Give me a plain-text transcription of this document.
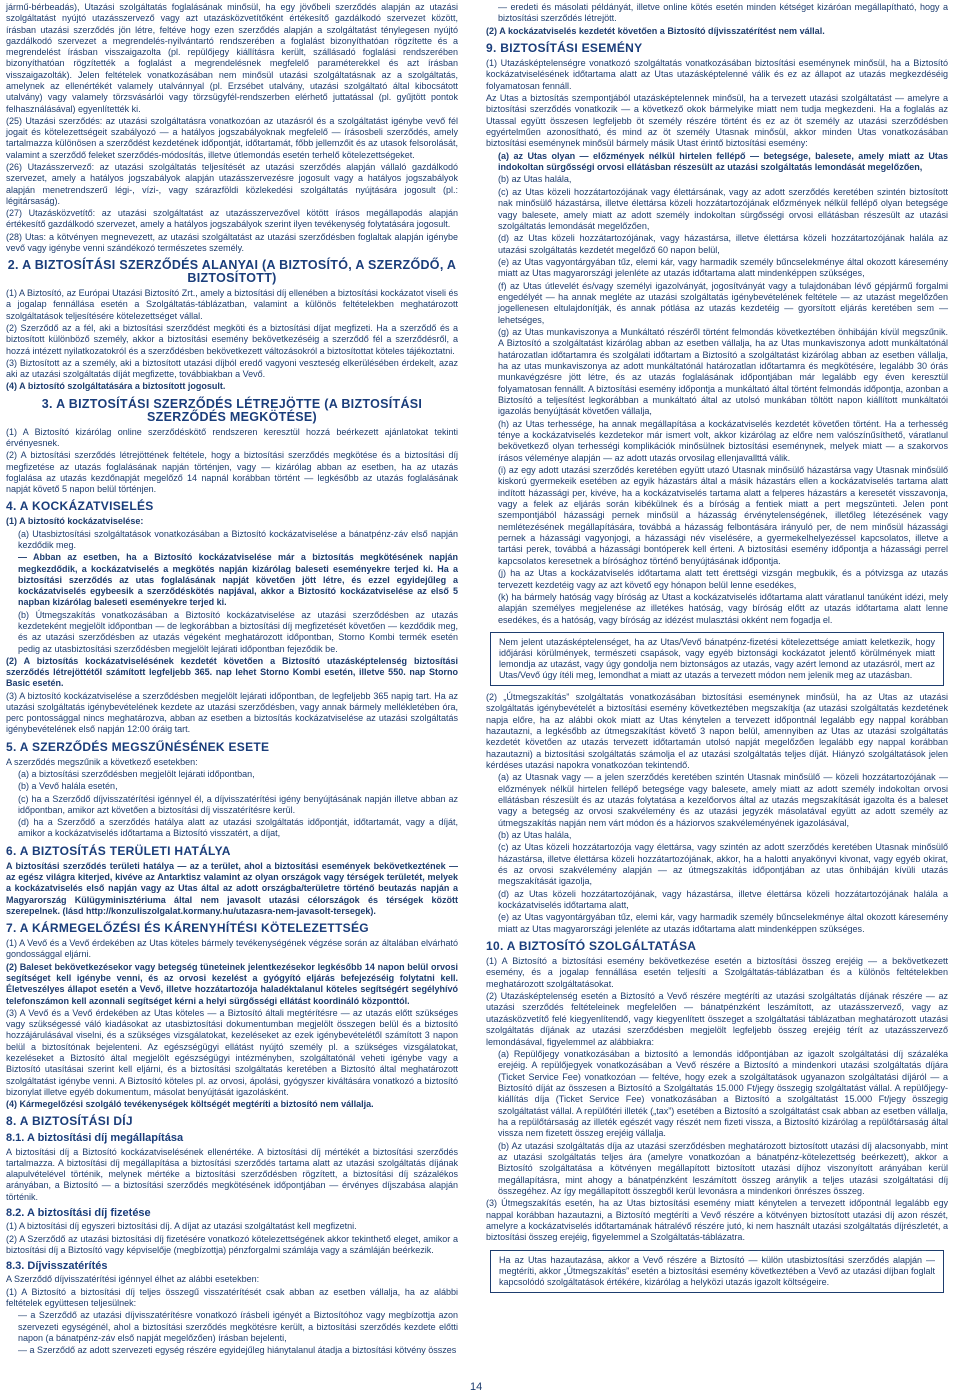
jármű-bérbeadás), Utazási szolgáltatás foglalásának minősül, ha egy jövőbeli szerződés alapján az utazási szolgáltatást nyújtó utazásszervező vagy azt utazásközvetítőként értékesítő gazdálkodó szervezet között, írásban utazási szerződés jön létre, feltéve hogy ezen szerződés alapján a szolgáltatást ténylegesen nyújtó gazdálkodó szervezet a megrendelés-nyilvántartó rendszerében a foglalást bizonyíthatóan rögzítette és a megrendelést írásban visszaigazolta (pl. repülőjegy kiállításra került, szállásadó foglalási rendszerében bizonyíthatóan rögzítették a foglalást a megrendelésnek megfelelő paraméterekkel és azt írásban visszaigazolták). Jelen feltételek vonatkozásában nem minősül utazási szolgáltatásnak az a szolgáltatás, amelynek az ellenértékét valamely utalvánnyal (pl. Erzsébet utalvány, utazási szolgáltató által kibocsátott utalvány) vagy valamely törzsvásárlói vagy törzsügyfél-rendszerben elérhető juttatással (pl. gyűjtött pontok felhasználásával) egyenlítették ki.

(25) Utazási szerződés: az utazási szolgáltatásra vonatkozóan az utazásról és a szolgáltatást igénybe vevő fél jogait és kötelezettségeit szabályozó — a hatályos jogszabályoknak megfelelő — írásosbeli szerződés, amely tartalmazza különösen a szerződést kezdetének időpontját, időtartamát, főbb jellemzőit és az utasok felsorolását, valamint a szerződő feleket szerződés-módosítás, illetve útlemondás esetén terhelő kötelezettségeket.

(26) Utazásszervező: az utazási szolgáltatás teljesítését az utazási szerződés alapján vállaló gazdálkodó szervezet, amely a hatályos jogszabályok alapján utazásszervezésre jogosult vagy a hatályos jogszabályok alapján menetrendszerű légi-, vízi-, vagy szárazföldi közlekedési szolgáltatás nyújtására jogosult (pl.: légitársaság).

(27) Utazásközvetítő: az utazási szolgáltatást az utazásszervezővel kötött írásos megállapodás alapján értékesítő gazdálkodó szervezet, amely a hatályos jogszabályok szerint ilyen tevékenység folytatására jogosult.

(28) Utas: a kötvényen megnevezett, az utazási szolgáltatást az utazási szerződésben foglaltak alapján igénybe vevő vagy igénybe venni szándékozó természetes személy.

2. A BIZTOSÍTÁSI SZERZŐDÉS ALANYAI (A BIZTOSÍTÓ, A SZERZŐDŐ, A BIZTOSÍTOTT)

(1) A Biztosító, az Európai Utazási Biztosító Zrt., amely a biztosítási díj ellenében a biztosítási kockázatot viseli és a jogalap fennállása esetén a Szolgáltatás-táblázatban, valamint a különös feltételekben meghatározott szolgáltatások teljesítésére kötelezettséget vállal.

(2) Szerződő az a fél, aki a biztosítási szerződést megköti és a biztosítási díjat megfizeti. Ha a szerződő és a biztosított különböző személy, akkor a biztosítási esemény bekövetkezéséig a szerződő fél a szerződésről, a hozzá intézett nyilatkozatokról és a szerződésben bekövetkezett változásokról a biztosítottat köteles tájékoztatni.

(3) Biztosított az a személy, aki a biztosított utazási díjból eredő vagyoni veszteség elkerülésében érdekelt, azaz aki az utazási szolgáltatás díját megfizette, továbbiakban a Vevő.

(4) A biztosító szolgáltatására a biztosított jogosult.

3. A BIZTOSÍTÁSI SZERZŐDÉS LÉTREJÖTTE (A BIZTOSÍTÁSI SZERZŐDÉS MEGKÖTÉSE)

(1) A Biztosító kizárólag online szerződéskötő rendszeren keresztül hozzá beérkezett ajánlatokat tekinti érvényesnek.

(2) A biztosítási szerződés létrejöttének feltétele, hogy a biztosítási szerződés megkötése és a biztosítási díj megfizetése az utazás foglalásának napján történjen, vagy — kizárólag abban az esetben, ha az utazás foglalása az utazás kezdőnapját megelőző 14 napnál korábban történt — legkésőbb az utazás foglalásának napját követő 5 napon belül történjen.

4. A KOCKÁZATVISELÉS

(1) A biztosító kockázatviselése:

(a) Utasbiztosítási szolgáltatások vonatkozásában a Biztosító kockázatviselése a bánatpénz-záv első napján kezdődik meg.

— Abban az esetben, ha a Biztosító kockázatviselése már a biztosítás megkötésének napján megkezdődik, a kockázatviselés a megkötés napján kizárólag baleseti eseményekre terjed ki. Ha a biztosítási szerződés az utas foglalásának napját követően jött létre, és ezzel egyidejűleg a kockázatviselés egybeesik a szerződéskötés napjával, akkor a Biztosító kockázatviselése az első 5 napban kizárólag baleseti eseményekre terjed ki.

(b) Útmegszakítás vonatkozásában a Biztosító kockázatviselése az utazási szerződésben az utazás kezdeteként megjelölt időpontban — de legkorábban a biztosítási díj megfizetését követően — kezdődik meg, és az utazási szerződésben az utazás végeként meghatározott időpontban, Storno Kombi termék esetén pedig az utasbiztosítási szerződésben megjelölt lejárati időpontban fejeződik be.

(2) A biztosítás kockázatviselésének kezdetét követően a Biztosító utazásképtelenség biztosítási szerződés létrejöttétől számított legfeljebb 365. nap lehet Storno Kombi esetén, illetve 550. nap Storno Basic esetén.

(3) A biztosító kockázatviselése a szerződésben megjelölt lejárati időpontban, de legfeljebb 365 napig tart. Ha az utazási szolgáltatás igénybevételének kezdete az utazási szerződésben, vagy annak bármely mellékletében óra, perc pontossággal nincs meghatározva, abban az esetben a biztosítás kockázatviselése az utazási szolgáltatás igénybevételének első napján 12:00 óráig tart.

5. A SZERZŐDÉS MEGSZŰNÉSÉNEK ESETE

A szerződés megszűnik a következő esetekben:

(a) a biztosítási szerződésben megjelölt lejárati időpontban,

(b) a Vevő halála esetén,

(c) ha a Szerződő díjvisszatérítési igénnyel él, a díjvisszatérítési igény benyújtásának napján illetve abban az időpontban, amikor azt követően a biztosítási díj visszatérítésre kerül.

(d) ha a Szerződő a szerződés hatálya alatt az utazási szolgáltatás időpontját, időtartamát, vagy a díját, amikor a kockázatviselés időtartama a Biztosító visszatért, a díjat,

6. A BIZTOSÍTÁS TERÜLETI HATÁLYA

A biztosítási szerződés területi hatálya — az a terület, ahol a biztosítási események bekövetkeztének — az egész világra kiterjed, kivéve az Antarktisz valamint az olyan országok vagy térségek területét, melyek a kockázatviselés első napján vagy az Utas által az adott országba/területre történő beutazás napján a Magyarország Külügyminisztériuma által nem javasolt utazási célországok és térségek között szerepelnek. (lásd http://konzuliszolgalat.kormany.hu/utazasra-nem-javasolt-tersegek).

7. A KÁRMEGELŐZÉSI ÉS KÁRENYHÍTÉSI KÖTELEZETTSÉG

(1) A Vevő és a Vevő érdekében az Utas köteles bármely tevékenységének végzése során az általában elvárható gondossággal eljárni.

(2) Baleset bekövetkezésekor vagy betegség tüneteinek jelentkezésekor legkésőbb 14 napon belül orvosi segítséget kell igénybe venni, és az orvosi kezelést a gyógyító eljárás befejezéséig folytatni kell. Életveszélyes állapot esetén a Vevő, illetve hozzátartozója haladéktalanul köteles segítségért segélyhívó telefonszámon kell azonnali segítséget kérni a helyi sürgősségi ellátást koordináló központtól.

(3) A Vevő és a Vevő érdekében az Utas köteles — a Biztosító általi megtérítésre — az utazás előtt szükséges vagy szükségessé váló kiadásokat az utasbiztosítási dokumentumban megjelölt összegen belül és a biztosító hozzájárulásával viselni, és a szükséges vizsgálatokat, kezeléseket az ezek igénybevételétől számított 3 napon belül a biztosítónak bejelenteni. Az egészségügyi ellátást nyújtó személy pl. a szükséges vizsgálatokat, kezeléseket a Biztosító által megjelölt egészségügyi intézményben, szolgáltatónál veheti igénybe vagy a Biztosító utasításai szerint kell eljárni, és a biztosítási szolgáltatás keretében a Biztosító által meghatározott szolgáltatást igénybe venni. A Biztosító köteles pl. az orvosi, ápolási, gyógyszer kiváltására vonatkozó a biztosító bizonylat illetve egyéb dokumentum, másolat benyújtását igazolásként.

(4) Kármegelőzési szolgáló tevékenységek költségét megtéríti a biztosító nem vállalja.

8. A BIZTOSÍTÁSI DÍJ
8.1. A biztosítási díj megállapítása

A biztosítási díj a Biztosító kockázatviselésének ellenértéke. A biztosítási díj mértékét a biztosítási szerződés tartalmazza. A biztosítási díj megállapítása a biztosítási szerződés tartama alatt az utazási szolgáltatás díjának alapulvételével történik, melynek mértéke a biztosítási szerződésben rögzített, a biztosítási díj százalékos arányában, a Biztosító — a biztosítási szerződés megkötésének időpontjában — érvényes díjszabása alapján történik.

8.2. A biztosítási díj fizetése

(1) A biztosítási díj egyszeri biztosítási díj. A díjat az utazási szolgáltatást kell megfizetni.

(2) A Szerződő az utazási biztosítási díj fizetésére vonatkozó kötelezettségének akkor tekinthető eleget, amikor a biztosítási díj a Biztosító vagy képviselője (megbízottja) pénzforgalmi számlája vagy a számláján beérkezik.

8.3. Díjvisszatérítés

A Szerződő díjvisszatérítési igénnyel élhet az alábbi esetekben:

(1) A Biztosító a biztosítási díj teljes összegű visszatérítését csak abban az esetben vállalja, ha az alábbi feltételek együttesen teljesülnek:

— a Szerződő az utazási díjvisszatérítésre vonatkozó írásbeli igényét a Biztosítóhoz vagy megbízottja azon szervezeti egységénél, ahol a biztosítási szerződés megkötésre került, a biztosítási szerződés kezdete előtti napon (a bánatpénz-záv első napját megelőzően) írásban bejelenti,

— a Szerződő az adott szervezeti egység részére egyidejűleg hiánytalanul átadja a biztosítási kötvény összes

— eredeti és másolati példányát, illetve online kötés esetén minden kétséget kizáróan megállapítható, hogy a biztosítási szerződés létrejött.

(2) A kockázatviselés kezdetét követően a Biztosító díjvisszatérítést nem vállal.

9. BIZTOSÍTÁSI ESEMÉNY

(1) Utazásképtelenségre vonatkozó szolgáltatás vonatkozásában biztosítási eseménynek minősül, ha a Biztosító kockázatviselésének időtartama alatt az Utas utazásképtelenné válik és ez az állapot az utazás megkezdéséig folyamatosan fennáll.

Az Utas a biztosítás szempontjából utazásképtelennek minősül, ha a tervezett utazási szolgáltatást — amelyre a biztosítási szerződés vonatkozik — a következő okok bármelyike miatt nem tudja megkezdeni. Ha a foglalás az Utassal együtt összesen legfeljebb öt személy részére történt és ez az öt személy az utazási szerződésben egyértelműen azonosítható, és mind az öt személy Utasnak minősül, akkor minden Utas vonatkozásában biztosítási eseménynek minősül bármely másik Utast érintő biztosítási esemény:

(a) az Utas olyan — előzmények nélkül hirtelen fellépő — betegsége, balesete, amely miatt az Utas indokoltan sürgősségi orvosi ellátásban részesült az utazási szolgáltatás lemondását megelőzően,

(b) az Utas halála,

(c) az Utas közeli hozzátartozójának vagy élettársának, vagy az adott szerződés keretében szintén biztosított nak minősülő házastársa, illetve élettársa közeli hozzátartozójának előzmények nélkül fellépő olyan betegsége vagy balesete, amely miatt az adott személy indokoltan sürgősségi orvosi ellátásban részesült az utazási szolgáltatás lemondását megelőzően,

(d) az Utas közeli hozzátartozójának, vagy házastársa, illetve élettársa közeli hozzátartozójának halála az utazási szolgáltatás kezdetét megelőző 60 napon belül,

(e) az Utas vagyontárgyában tűz, elemi kár, vagy harmadik személy bűncselekménye által okozott káresemény miatt az Utas magyarországi jelenléte az utazás időtartama alatt mindenképpen szükséges,

(f) az Utas útlevelét és/vagy személyi igazolványát, jogosítványát vagy a tulajdonában lévő gépjármű forgalmi engedélyét — ha annak megléte az utazási szolgáltatás igénybevételének feltétele — az utazást megelőzően jogellenesen eltulajdonítják, és annak pótlása az utazás kezdetéig — gyorsított eljárás keretében sem — lehetséges,

(g) az Utas munkaviszonya a Munkáltató részéről történt felmondás következtében önhibáján kívül megszűnik. A Biztosító a szolgáltatást kizárólag abban az esetben vállalja, ha az Utas munkaviszonya adott munkáltatónál határozatlan időtartamra és szolgálati időtartam a Biztosító a szolgáltatást kizárólag abban az esetben vállalja, ha az utas munkaviszonya az adott munkáltatónál határozatlan időtartamra és megkötésére, legalább 30 órás munkavégzésre jött létre, és az utazás foglalásának időpontjában már legalább egy éven keresztül folyamatosan fennállt. A biztosítási esemény időpontja a munkáltató által történt felmondás időpontja, azonban a Biztosító a teljesítést legkorábban a munkáltató által az utolsó munkában töltött napon kiállított munkáltatói igazolás benyújtását követően vállalja,

(h) az Utas terhessége, ha annak megállapítása a kockázatviselés kezdetét követően történt. Ha a terhesség ténye a kockázatviselés kezdetekor már ismert volt, akkor kizárólag az előre nem valószínűsíthető, váratlanul bekövetkező olyan terhességi komplikációk minősülnek biztosítási eseménynek, melyek miatt — a szakorvos írásos véleménye alapján — az adott utazás orvosilag ellenjavallttá válik.

(i) az egy adott utazási szerződés keretében együtt utazó Utasnak minősülő házastársa vagy Utasnak minősülő kiskorú gyermekeik esetében az egyik házastárs által a másik házastárs ellen a kockázatviselés tartama alatt indított házassági per, kivéve, ha a kockázatviselés tartama alatt a felperes házastárs a keresetét visszavonja, vagy a felek az eljárás során kibékülnek és a bíróság a fentiek miatt a pert megszünteti. Jelen pont szempontjából házassági pernek minősül a házasság érvénytelenségének, illetőleg létezésének vagy nemlétezésének megállapítására, továbbá a házasság felbontására irányuló per, de nem minősül házassági pernek a házassági vagyonjogi, a házassági név viselésére, a gyermekelhelyezéssel kapcsolatos, illetve a tartási perek, továbbá a házassági bontóperek kell érteni. A biztosítási esemény időpontja a házassági perrel kapcsolatos keresetnek a bírósághoz történő benyújtásának időpontja.

(j) ha az Utas a kockázatviselés időtartama alatt tett érettségi vizsgán megbukik, és a pótvizsga az utazás tervezett kezdetéig vagy az azt követő egy hónapon belül lenne esedékes,

(k) ha bármely hatóság vagy bíróság az Utast a kockázatviselés időtartama alatt váratlanul tanúként idézi, mely alapján személyes megjelenése az illetékes hatóság, vagy bíróság előtt az utazás időtartama alatt lenne esedékes, és a hatóság, vagy bíróság az idézést mulasztási okként nem fogadja el.

Nem jelent utazásképtelenséget, ha az Utas/Vevő bánatpénz-fizetési kötelezettsége amiatt keletkezik, hogy időjárási körülmények, természeti csapások, vagy egyéb biztonsági kockázatot jelentő körülmények miatt lemondja az utazást, vagy úgy gondolja nem biztonságos az utazás, vagy azért lemond az utazásról, mert az Utas/Vevő úgy ítéli meg, lemondhat a miatt az utazás a tervezett módon nem jelenik meg az utazásban.

(2) „Útmegszakítás” szolgáltatás vonatkozásában biztosítási eseménynek minősül, ha az Utas az utazási szolgáltatás igénybevételét a biztosítási esemény következtében megszakítja (az utazási szolgáltatás kezdetének napja előre, ha az alábbi okok miatt az Utas kénytelen a tervezett időpontnál legalább egy nappal korábban hazautazni, a legkésőbb az útmegszakítást követő 3 napon belül, amennyiben az Utas az utazási szolgáltatás kezdetét követően az utazás tervezett időtartamán utolsó napját megelőzően legalább egy nappal korábban hazautazni) a biztosítási szolgáltatás számolja el az utazási szolgáltatás teljes díját. Hiányzó szolgáltatások jelen kérdéses utazási napokra vonatkozóan tekintendő.

(a) az Utasnak vagy — a jelen szerződés keretében szintén Utasnak minősülő — közeli hozzátartozójának — előzmények nélkül hirtelen fellépő betegsége vagy balesete, amely miatt az adott személy indokoltan orvosi ellátásban részesült és az utazás folytatása a kezelőorvos által az utazás megszakítását igazolta és a baleset vagy a betegség az orvosi szakvélemény és az utazási jegyzék másolatával együtt az adott személy az útmegszakítás napján nem várt módon és a háziorvos szakvéleményének igazolásával,

(b) az Utas halála,

(c) az Utas közeli hozzátartozója vagy élettársa, vagy szintén az adott szerződés keretében Utasnak minősülő házastársa, illetve élettársa közeli hozzátartozójának, akkor, ha a halotti anyakönyvi kivonat, vagy egyéb okirat, és az orvosi szakvélemény alapján — az útmegszakítás időpontjában az utas önhibáján kívüli utazás megszakítását igazolja,

(d) az Utas közeli hozzátartozójának, vagy házastársa, illetve élettársa közeli hozzátartozójának halála a kockázatviselés időtartama alatt,

(e) az Utas vagyontárgyában tűz, elemi kár, vagy harmadik személy bűncselekménye által okozott káresemény miatt az Utas magyarországi jelenléte az utazás időtartama alatt mindenképpen szükséges.

10. A BIZTOSÍTÓ SZOLGÁLTATÁSA

(1) A Biztosító a biztosítási esemény bekövetkezése esetén a biztosítási összeg erejéig — a bekövetkezett esemény, és a jogalap fennállása esetén teljesíti a Szolgáltatás-táblázatban és a különös feltételekben meghatározott szolgáltatásokat.

(2) Utazásképtelenség esetén a Biztosító a Vevő részére megtéríti az utazási szolgáltatás díjának részére — az utazási szerződés feltételeinek megfelelően — bánatpénzként leszámított, az utazásszervező, vagy az utazásközvetítő felé kiegyenlítendő, vagy kiegyenlített összeget a szolgáltatási táblázatban meghatározott utazási szolgáltatás díjának az utazási szerződésben megjelölt legfeljebb összeg erejéig térít az utazásszervező lemondásával, figyelemmel az alábbiakra:

(a) Repülőjegy vonatkozásában a biztosító a lemondás időpontjában az igazolt szolgáltatási díj százaléka erejéig. A repülőjegyek vonatkozásában a Vevő részére a Biztosító a mindenkori utazási szolgáltatás díjára (Ticket Service Fee) vonatkozóan — feltéve, hogy ezek a szolgáltatások ugyanazon szolgáltatási díjáról — a Biztosító díját az összesen a Biztosító a Szolgáltatás 15.000 Ft/jegy összegig szolgáltatást vállal. A repülőjegy-kiállítás díja (Ticket Service Fee) vonatkozásában a Biztosító a szolgáltatást 15.000 Ft/jegy összegig szolgáltatást vállal. A repülőtéri illeték („tax”) esetében a Biztosító a szolgáltatást csak abban az esetben vállalja, ha a repülőtársaság az illeték egészét vagy részét nem fizeti vissza, a Biztosító kizárólag a repülőtársaság által vissza nem fizetett összeg erejéig vállalja.

(b) Az utazási szolgáltatás díja az utazási szerződésben meghatározott biztosított utazási díj alacsonyabb, mint az utazási szolgáltatás teljes ára (amelyre vonatkozóan a bánatpénz-kötelezettség beérkezett), akkor a Biztosító szolgáltatása a kötvényen megállapított biztosított utazási díjhoz viszonyított arányában kerül megállapításra, mint ahogy a bánatpénzként leszámított összeg aránylik a teljes utazási szolgáltatási díj összegéhez. Az így megállapított összegből kerül levonásra a mindenkori önrészes összeg.

(3) Útmegszakítás esetén, ha az Utas biztosítási esemény miatt kénytelen a tervezett időpontnál legalább egy nappal korábban hazautazni, a Biztosító megtéríti a Vevő részére a kötvényen biztosított utazási díj azon részét, amelyre a kockázatviselés időtartamának hátralévő részére jutó, ki nem használt utazási szolgáltatás díjrészletét, a biztosítási összeg erejéig, figyelemmel a Szolgáltatás-táblázatra.

Ha az Utas hazautazása, akkor a Vevő részére a Biztosító — külön utasbiztosítási szerződés alapján — megtéríti, akkor „Útmegszakítás” esetén a biztosítási esemény következtében a Vevő az utazási díjban foglalt kapcsolódó szolgáltatások értékére, kizárólag a helyközi utazás igazolt költségeire.
14
